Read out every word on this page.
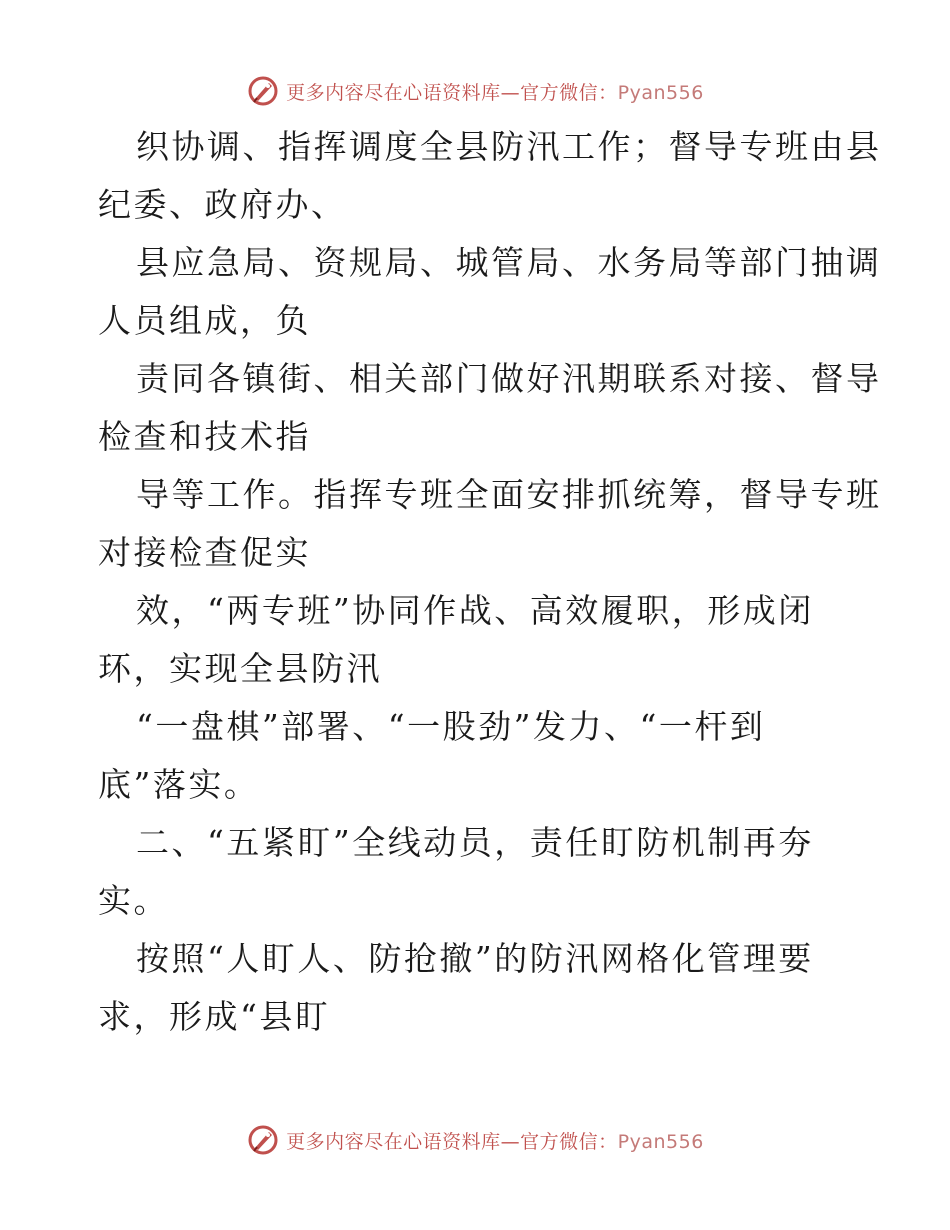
更多内容尽在心语资料库—官方微信：Pyan556

织协调、指挥调度全县防汛工作；督导专班由县
纪委、政府办、

县应急局、资规局、城管局、水务局等部门抽调
人员组成，负

责同各镇街、相关部门做好汛期联系对接、督导
检查和技术指

导等工作。指挥专班全面安排抓统筹，督导专班
对接检查促实

效，“两专班”协同作战、高效履职，形成闭
环，实现全县防汛

“一盘棋”部署、“一股劲”发力、“一杆到
底”落实。

二、“五紧盯”全线动员，责任盯防机制再夯
实。

按照“人盯人、防抢撤”的防汛网格化管理要
求，形成“县盯

更多内容尽在心语资料库—官方微信：Pyan556
